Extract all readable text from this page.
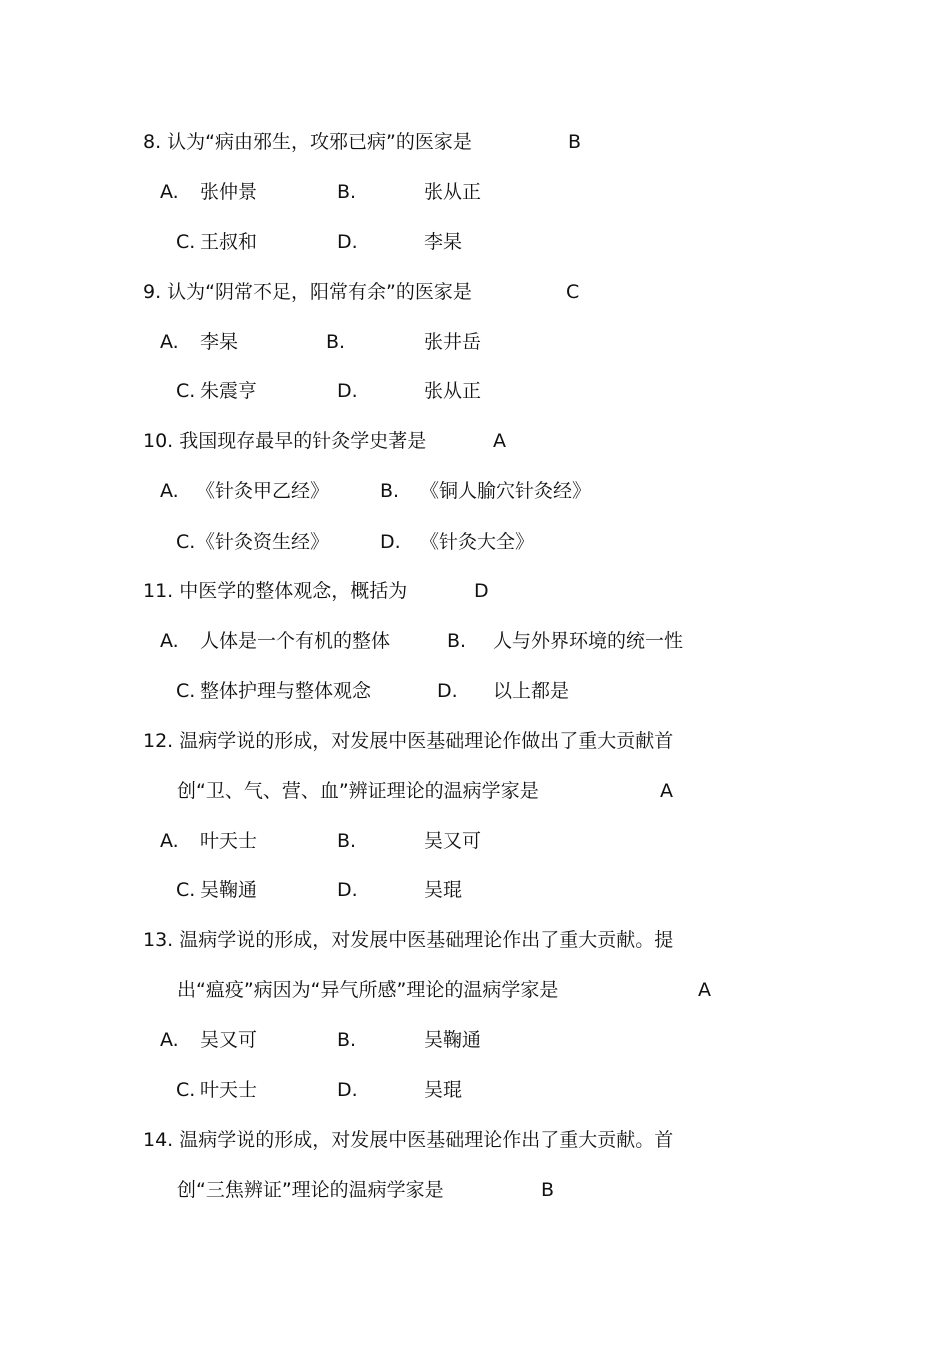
8. 认为“病由邪生，攻邪已病”的医家是	B
A. 张仲景	B.	张从正
C. 王叔和	D.	李杲
9. 认为“阴常不足，阳常有余”的医家是	C
A. 李杲	B.	张井岳
C. 朱震亨	D.	张从正
10. 我国现存最早的针灸学史著是	A
A. 《针灸甲乙经》	B. 《铜人腧穴针灸经》
C. 《针灸资生经》	D. 《针灸大全》
11. 中医学的整体观念，概括为	D
A. 人体是一个有机的整体	B. 人与外界环境的统一性
C. 整体护理与整体观念	D. 以上都是
12. 温病学说的形成，对发展中医基础理论作做出了重大贡献首
创“卫、气、营、血”辨证理论的温病学家是	A
A. 叶天士	B.	吴又可
C. 吴鞠通	D.	吴琨
13. 温病学说的形成，对发展中医基础理论作出了重大贡献。提
出“瘟疫”病因为“异气所感”理论的温病学家是	A
A. 吴又可	B.	吴鞠通
C. 叶天士	D.	吴琨
14. 温病学说的形成，对发展中医基础理论作出了重大贡献。首
创“三焦辨证”理论的温病学家是	B
